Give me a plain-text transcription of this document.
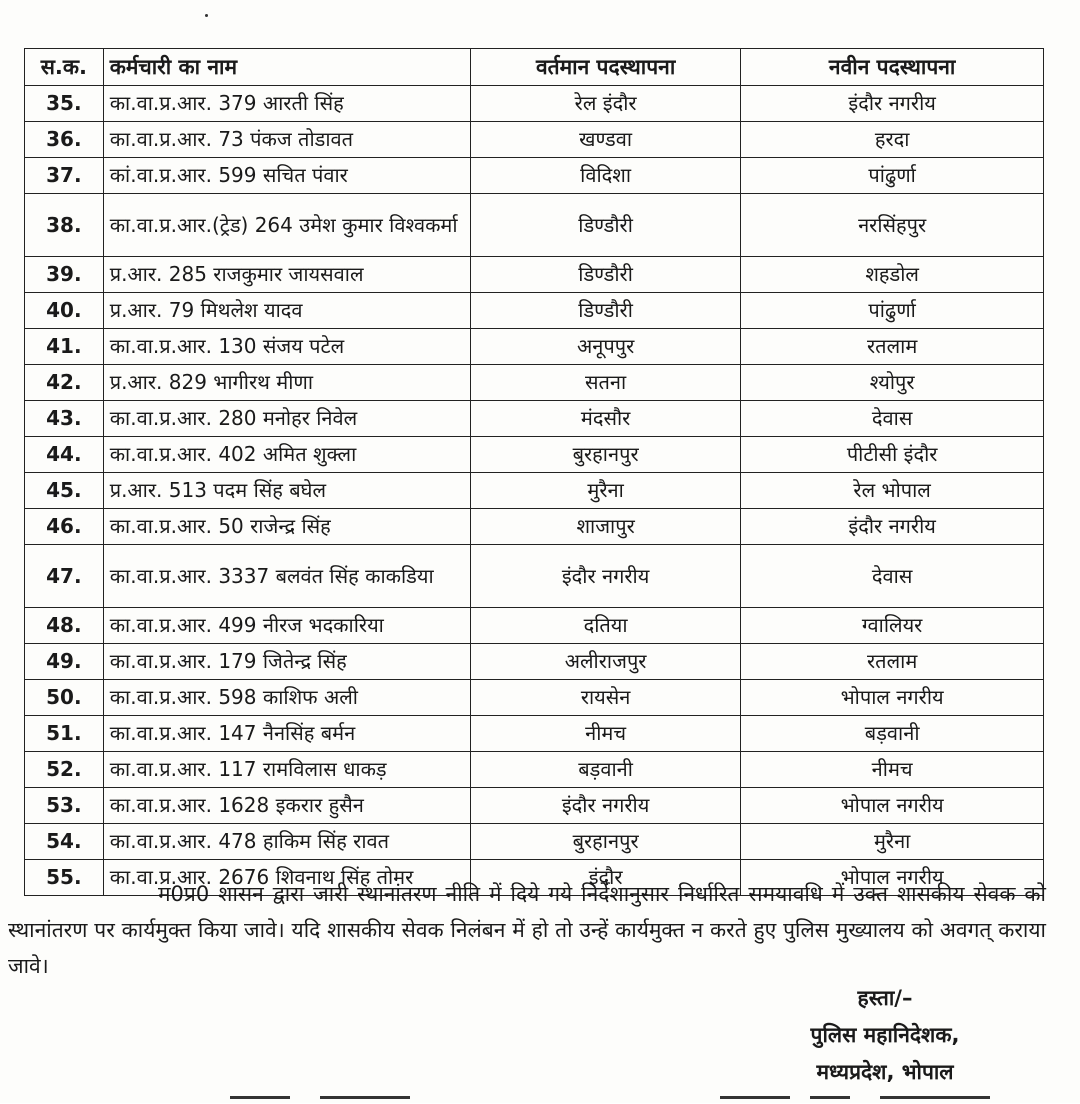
स.क.	कर्मचारी का नाम	वर्तमान पदस्थापना	नवीन पदस्थापना
35.	का.वा.प्र.आर. 379 आरती सिंह	रेल इंदौर	इंदौर नगरीय
36.	का.वा.प्र.आर. 73 पंकज तोडावत	खण्डवा	हरदा
37.	कां.वा.प्र.आर. 599 सचित पंवार	विदिशा	पांढुर्णा
38.	का.वा.प्र.आर.(ट्रेड) 264 उमेश कुमार विश्वकर्मा	डिण्डौरी	नरसिंहपुर
39.	प्र.आर. 285 राजकुमार जायसवाल	डिण्डौरी	शहडोल
40.	प्र.आर. 79 मिथलेश यादव	डिण्डौरी	पांढुर्णा
41.	का.वा.प्र.आर. 130 संजय पटेल	अनूपपुर	रतलाम
42.	प्र.आर. 829 भागीरथ मीणा	सतना	श्योपुर
43.	का.वा.प्र.आर. 280 मनोहर निवेल	मंदसौर	देवास
44.	का.वा.प्र.आर. 402 अमित शुक्ला	बुरहानपुर	पीटीसी इंदौर
45.	प्र.आर. 513 पदम सिंह बघेल	मुरैना	रेल भोपाल
46.	का.वा.प्र.आर. 50 राजेन्द्र सिंह	शाजापुर	इंदौर नगरीय
47.	का.वा.प्र.आर. 3337 बलवंत सिंह काकडिया	इंदौर नगरीय	देवास
48.	का.वा.प्र.आर. 499 नीरज भदकारिया	दतिया	ग्वालियर
49.	का.वा.प्र.आर. 179 जितेन्द्र सिंह	अलीराजपुर	रतलाम
50.	का.वा.प्र.आर. 598 काशिफ अली	रायसेन	भोपाल नगरीय
51.	का.वा.प्र.आर. 147 नैनसिंह बर्मन	नीमच	बड़वानी
52.	का.वा.प्र.आर. 117 रामविलास धाकड़	बड़वानी	नीमच
53.	का.वा.प्र.आर. 1628 इकरार हुसैन	इंदौर नगरीय	भोपाल नगरीय
54.	का.वा.प्र.आर. 478 हाकिम सिंह रावत	बुरहानपुर	मुरैना
55.	का.वा.प्र.आर. 2676 शिवनाथ सिंह तोमर	इंदौर	भोपाल नगरीय
म0प्र0 शासन द्वारा जारी स्थानांतरण नीति में दिये गये निर्देशानुसार निर्धारित समयावधि में उक्त शासकीय सेवक को स्थानांतरण पर कार्यमुक्त किया जावे। यदि शासकीय सेवक निलंबन में हो तो उन्हें कार्यमुक्त न करते हुए पुलिस मुख्यालय को अवगत् कराया जावे।
हस्ता/–
पुलिस महानिदेशक,
मध्यप्रदेश, भोपाल
